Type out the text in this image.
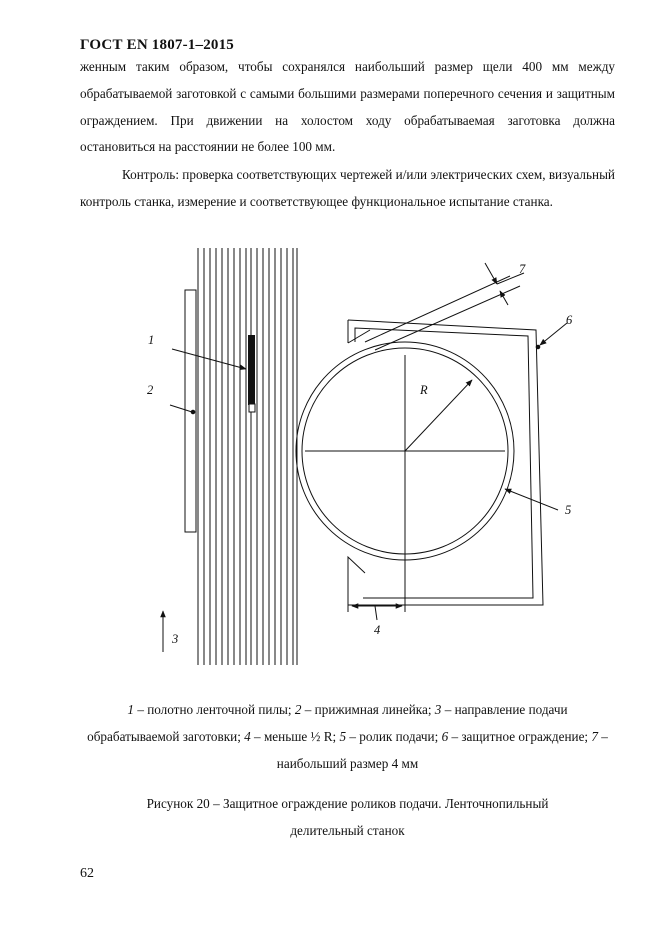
ГОСТ EN 1807-1–2015

женным таким образом, чтобы сохранялся наибольший размер щели 400 мм между обрабатываемой заготовкой с самыми большими размерами поперечного сечения и защитным ограждением. При движении на холостом ходу обрабатываемая заготовка должна остановиться на расстоянии не более 100 мм.

Контроль: проверка соответствующих чертежей и/или электрических схем, визуальный контроль станка, измерение и соответствующее функциональное испытание станка.

1
2
3
4
5
6
7
R
1 – полотно ленточной пилы; 2 – прижимная линейка; 3 – направление подачи обрабатываемой заготовки; 4 – меньше ½ R; 5 – ролик подачи; 6 – защитное ограждение; 7 – наибольший размер 4 мм
Рисунок 20 – Защитное ограждение роликов подачи. Ленточнопильный
делительный станок
62
